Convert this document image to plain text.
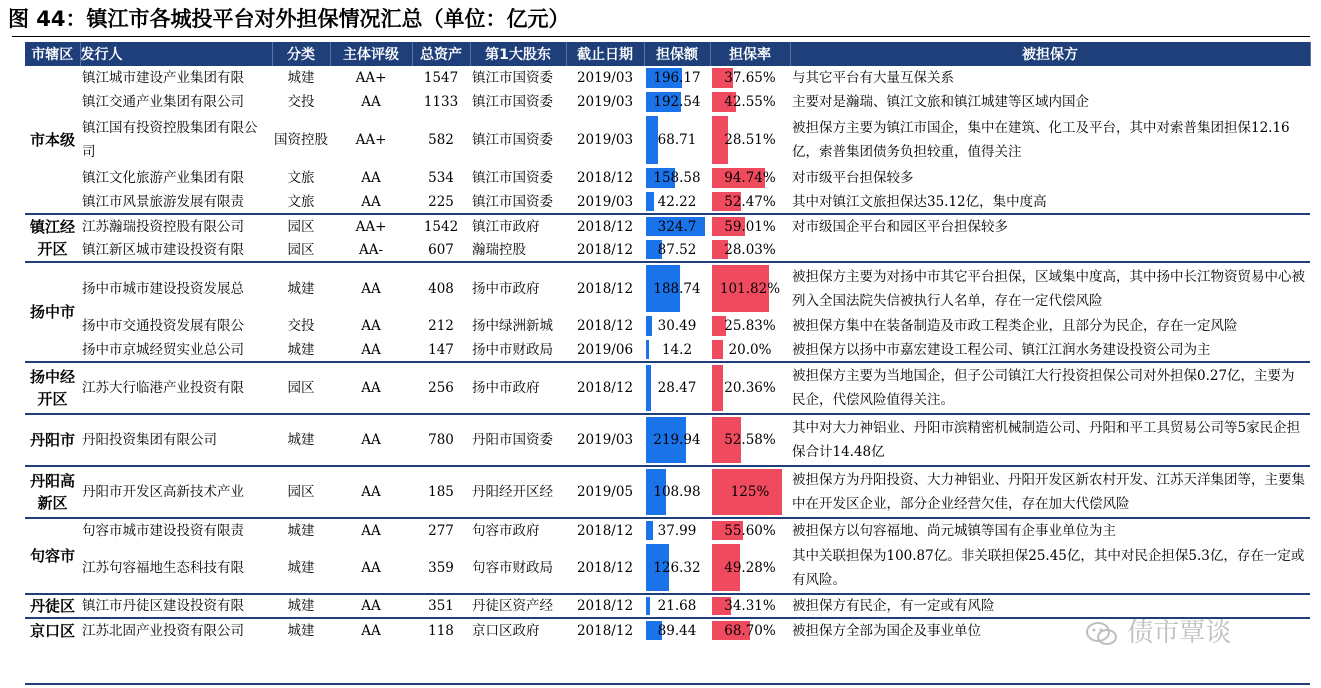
图 44：镇江市各城投平台对外担保情况汇总（单位：亿元）
市辖区	发行人	分类	主体评级	总资产	第1大股东	截止日期	担保额	担保率	被担保方
市本级	镇江城市建设产业集团有限	城建	AA+	1547	镇江市国资委	2019/03	196.17	37.65%	与其它平台有大量互保关系
	镇江交通产业集团有限公司	交投	AA	1133	镇江市国资委	2019/03	192.54	42.55%	主要对是瀚瑞、镇江文旅和镇江城建等区域内国企
	镇江国有投资控股集团有限公司	国资控股	AA+	582	镇江市国资委	2019/03	68.71	28.51%	被担保方主要为镇江市国企，集中在建筑、化工及平台，其中对索普集团担保12.16亿，索普集团债务负担较重，值得关注
	镇江文化旅游产业集团有限	文旅	AA	534	镇江市国资委	2018/12	158.58	94.74%	对市级平台担保较多
	镇江市风景旅游发展有限责	文旅	AA	225	镇江市国资委	2019/03	42.22	52.47%	其中对镇江文旅担保达35.12亿，集中度高
镇江经开区	江苏瀚瑞投资控股有限公司	园区	AA+	1542	镇江市政府	2018/12	324.7	59.01%	对市级国企平台和园区平台担保较多
	镇江新区城市建设投资有限	园区	AA-	607	瀚瑞控股	2018/12	87.52	28.03%	
扬中市	扬中市城市建设投资发展总	城建	AA	408	扬中市政府	2018/12	188.74	101.82%	被担保方主要为对扬中市其它平台担保，区域集中度高，其中扬中长江物资贸易中心被列入全国法院失信被执行人名单，存在一定代偿风险
	扬中市交通投资发展有限公	交投	AA	212	扬中绿洲新城	2018/12	30.49	25.83%	被担保方集中在装备制造及市政工程类企业，且部分为民企，存在一定风险
	扬中市京城经贸实业总公司	城建	AA	147	扬中市财政局	2019/06	14.2	20.0%	被担保方以扬中市嘉宏建设工程公司、镇江江润水务建设投资公司为主
扬中经开区	江苏大行临港产业投资有限	园区	AA	256	扬中市政府	2018/12	28.47	20.36%	被担保方主要为当地国企，但子公司镇江大行投资担保公司对外担保0.27亿，主要为民企，代偿风险值得关注。
丹阳市	丹阳投资集团有限公司	城建	AA	780	丹阳市国资委	2019/03	219.94	52.58%	其中对大力神铝业、丹阳市滨精密机械制造公司、丹阳和平工具贸易公司等5家民企担保合计14.48亿
丹阳高新区	丹阳市开发区高新技术产业	园区	AA	185	丹阳经开区经	2019/05	108.98	125%	被担保方为丹阳投资、大力神铝业、丹阳开发区新农村开发、江苏天洋集团等，主要集中在开发区企业，部分企业经营欠佳，存在加大代偿风险
句容市	句容市城市建设投资有限责	城建	AA	277	句容市政府	2018/12	37.99	55.60%	被担保方以句容福地、尚元城镇等国有企事业单位为主
	江苏句容福地生态科技有限	城建	AA	359	句容市财政局	2018/12	126.32	49.28%	其中关联担保为100.87亿。非关联担保25.45亿，其中对民企担保5.3亿，存在一定或有风险。
丹徒区	镇江市丹徒区建设投资有限	城建	AA	351	丹徒区资产经	2018/12	21.68	34.31%	被担保方有民企，有一定或有风险
京口区	江苏北固产业投资有限公司	城建	AA	118	京口区政府	2018/12	89.44	68.70%	被担保方全部为国企及事业单位	债市覃谈
